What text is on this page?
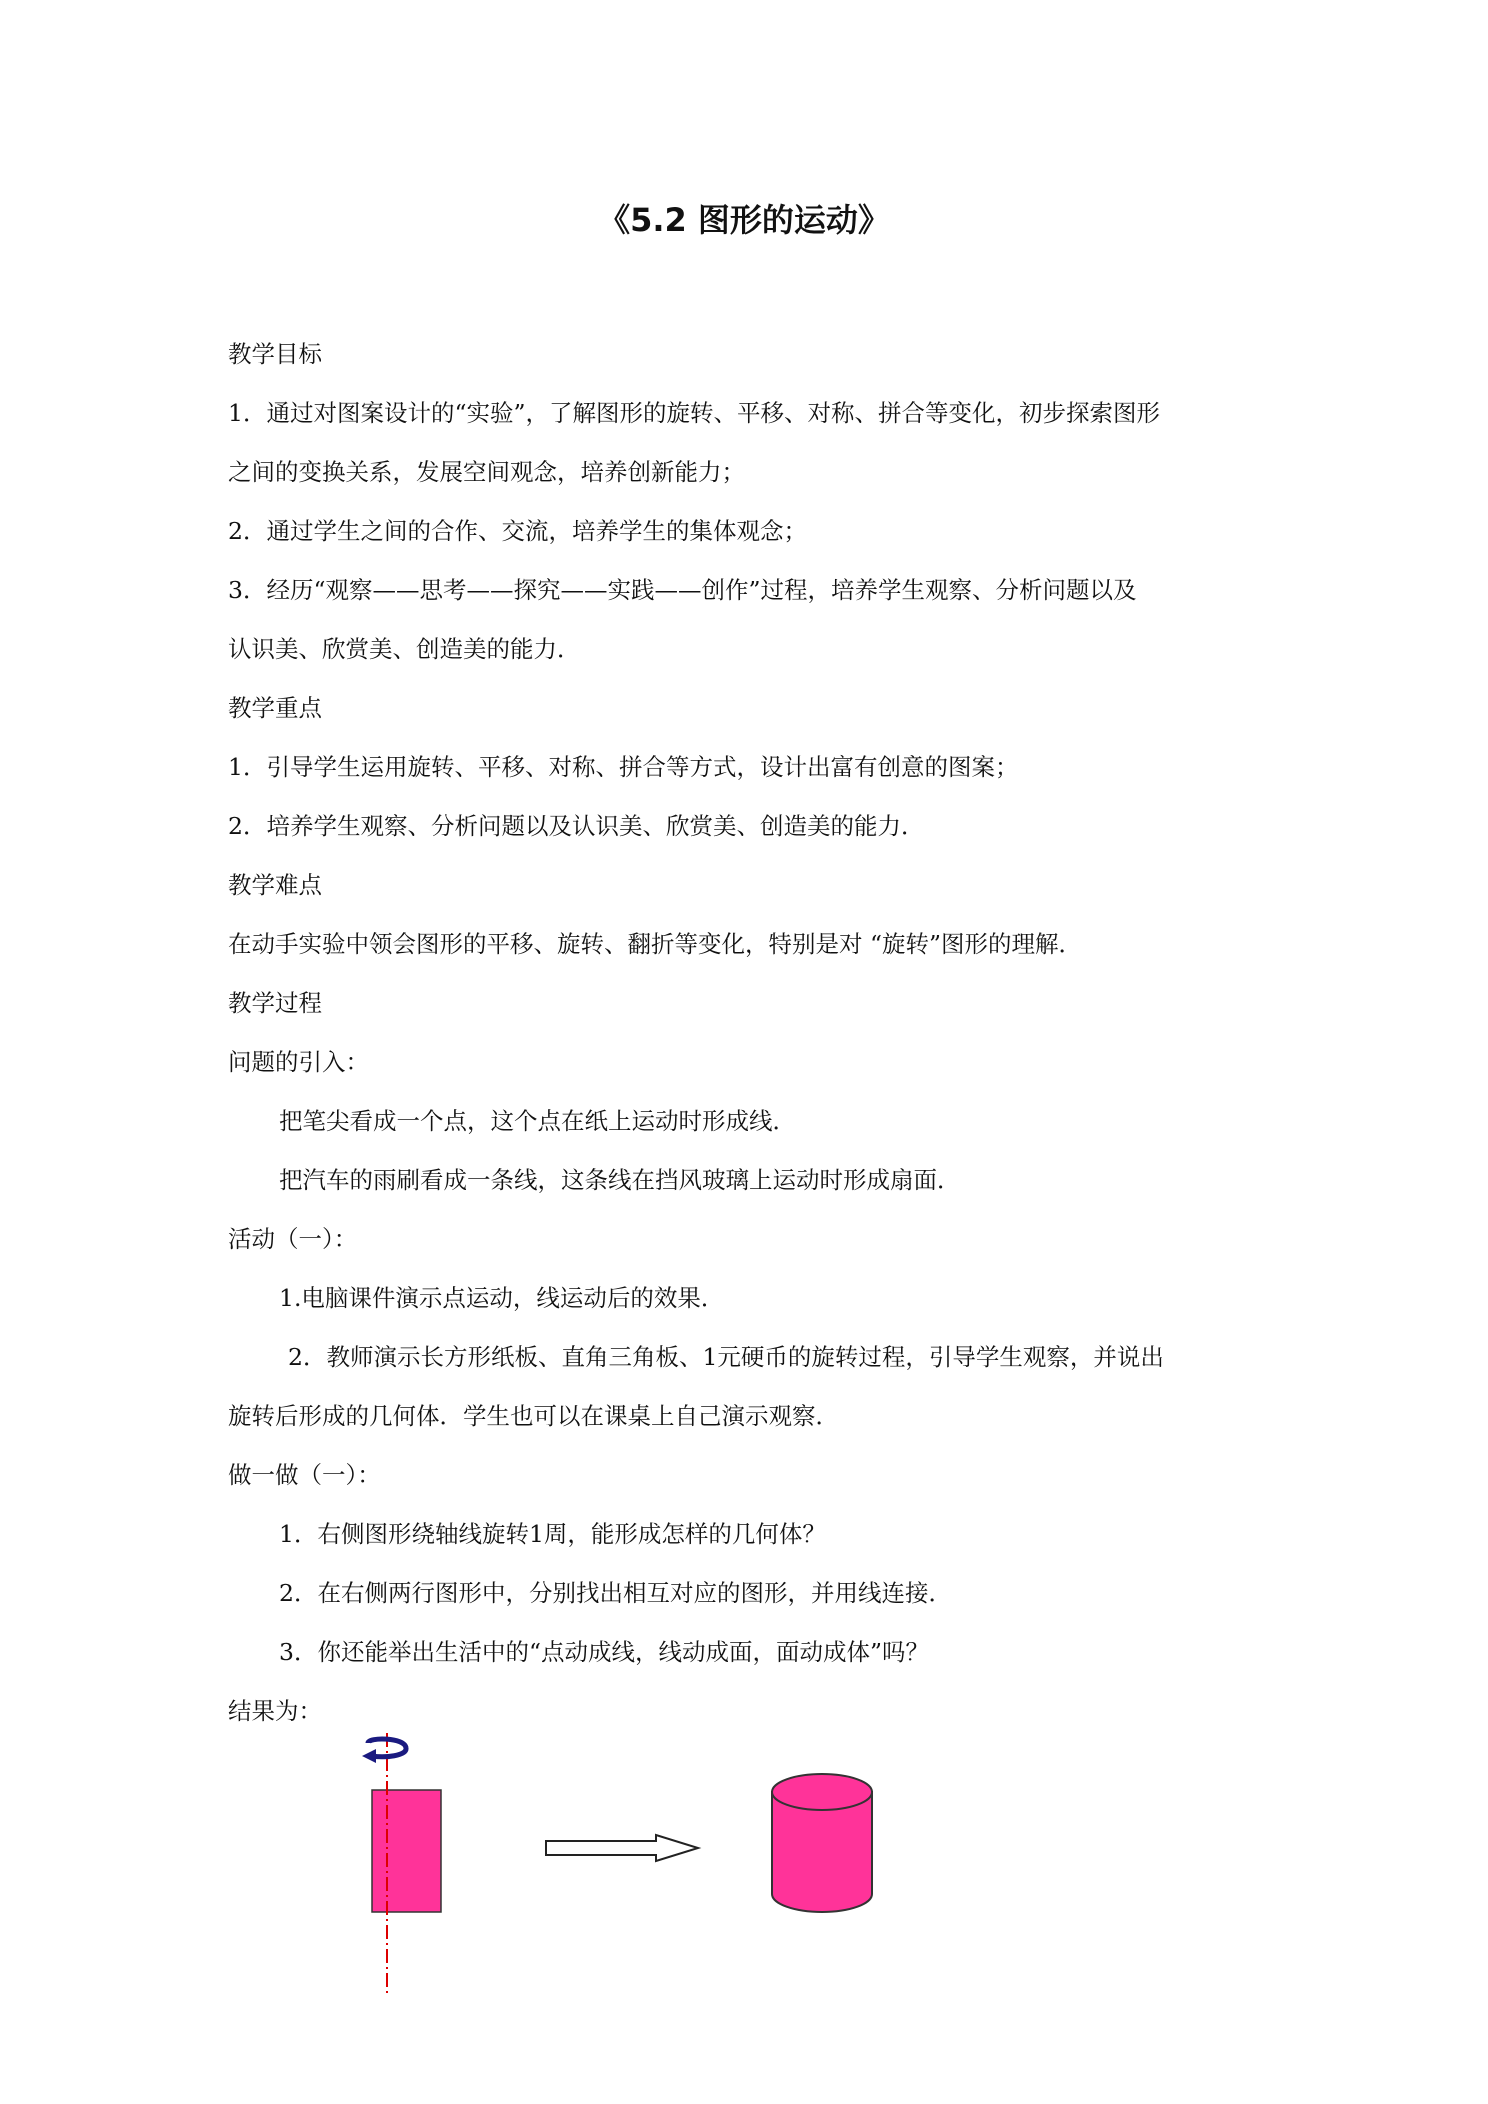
《5.2 图形的运动》

教学目标

1．通过对图案设计的“实验”，了解图形的旋转、平移、对称、拼合等变化，初步探索图形

之间的变换关系，发展空间观念，培养创新能力；

2．通过学生之间的合作、交流，培养学生的集体观念；

3．经历“观察——思考——探究——实践——创作”过程，培养学生观察、分析问题以及

认识美、欣赏美、创造美的能力．

教学重点

1．引导学生运用旋转、平移、对称、拼合等方式，设计出富有创意的图案；

2．培养学生观察、分析问题以及认识美、欣赏美、创造美的能力．

教学难点

在动手实验中领会图形的平移、旋转、翻折等变化，特别是对 “旋转”图形的理解．

教学过程

问题的引入：

把笔尖看成一个点，这个点在纸上运动时形成线．

把汽车的雨刷看成一条线，这条线在挡风玻璃上运动时形成扇面．

活动（一）：

1.电脑课件演示点运动，线运动后的效果．

2．教师演示长方形纸板、直角三角板、1元硬币的旋转过程，引导学生观察，并说出

旋转后形成的几何体．学生也可以在课桌上自己演示观察．

做一做（一）：

1．右侧图形绕轴线旋转1周，能形成怎样的几何体？

2．在右侧两行图形中，分别找出相互对应的图形，并用线连接．

3．你还能举出生活中的“点动成线，线动成面，面动成体”吗？

结果为：
